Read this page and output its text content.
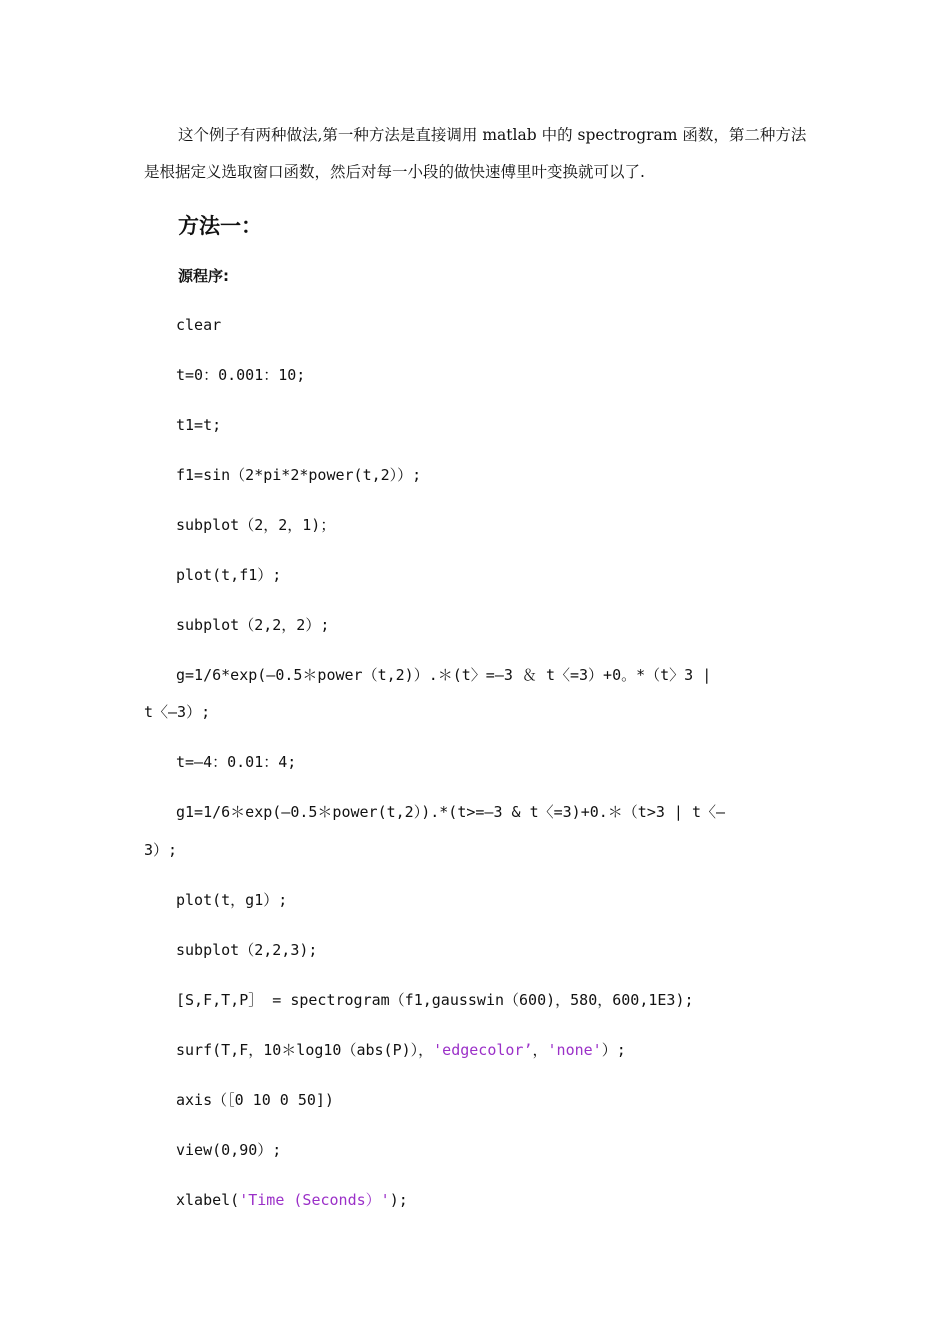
这个例子有两种做法,第一种方法是直接调用 matlab 中的 spectrogram 函数，第二种方法是根据定义选取窗口函数，然后对每一小段的做快速傅里叶变换就可以了.

方法一：
源程序:
clear
t=0：0.001：10;
t1=t;
f1=sin（2*pi*2*power(t,2））;
subplot（2，2，1)；
plot(t,f1）;
subplot（2,2，2）;
g=1/6*exp(—0.5＊power（t,2)）.＊(t〉=—3 ＆ t〈=3）+0。*（t〉3 |
t〈—3）;
t=—4：0.01：4;
g1=1/6＊exp(—0.5＊power(t,2）).*(t>=—3 & t〈=3)+0.＊（t>3 | t〈—
3）;
plot(t，g1）;
subplot（2,2,3);
[S,F,T,P］ = spectrogram（f1,gausswin（600)，580，600,1E3);
surf(T,F，10＊log10（abs(P)），'edgecolor’，'none'）;
axis（［0 10 0 50])
view(0,90）;
xlabel('Time (Seconds）');
